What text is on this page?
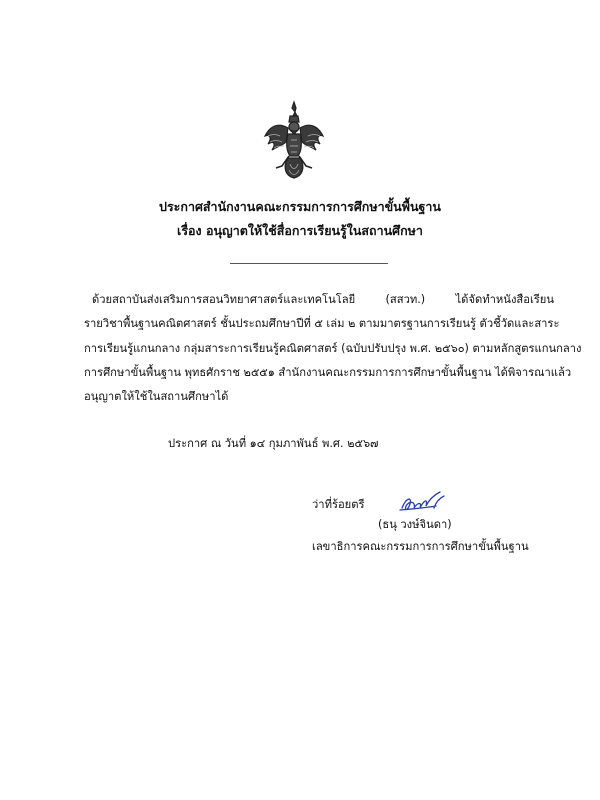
ประกาศสำนักงานคณะกรรมการการศึกษาขั้นพื้นฐาน
เรื่อง อนุญาตให้ใช้สื่อการเรียนรู้ในสถานศึกษา
ด้วยสถาบันส่งเสริมการสอนวิทยาศาสตร์และเทคโนโลยี (สสวท.) ได้จัดทำหนังสือเรียน
รายวิชาพื้นฐานคณิตศาสตร์ ชั้นประถมศึกษาปีที่ ๕ เล่ม ๒ ตามมาตรฐานการเรียนรู้ ตัวชี้วัดและสาระ
การเรียนรู้แกนกลาง กลุ่มสาระการเรียนรู้คณิตศาสตร์ (ฉบับปรับปรุง พ.ศ. ๒๕๖๐) ตามหลักสูตรแกนกลาง
การศึกษาขั้นพื้นฐาน พุทธศักราช ๒๕๕๑ สำนักงานคณะกรรมการการศึกษาขั้นพื้นฐาน ได้พิจารณาแล้ว
อนุญาตให้ใช้ในสถานศึกษาได้
ประกาศ ณ วันที่ ๑๔ กุมภาพันธ์ พ.ศ. ๒๕๖๗
ว่าที่ร้อยตรี
(ธนุ วงษ์จินดา)
เลขาธิการคณะกรรมการการศึกษาขั้นพื้นฐาน
